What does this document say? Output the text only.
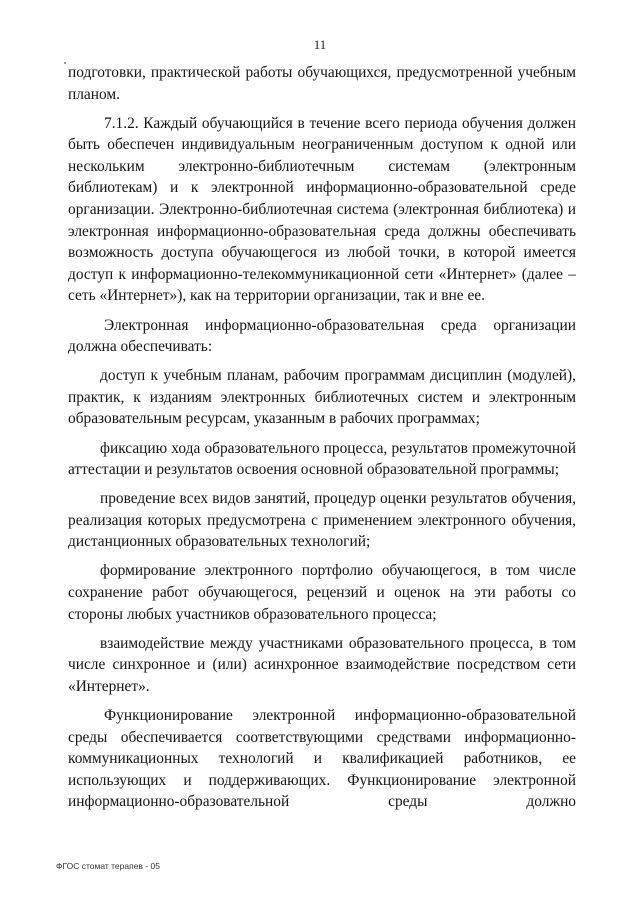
11

подготовки, практической работы обучающихся, предусмотренной учебным планом.

7.1.2. Каждый обучающийся в течение всего периода обучения должен быть обеспечен индивидуальным неограниченным доступом к одной или нескольким электронно-библиотечным системам (электронным библиотекам) и к электронной информационно-образовательной среде организации. Электронно-библиотечная система (электронная библиотека) и электронная информационно-образовательная среда должны обеспечивать возможность доступа обучающегося из любой точки, в которой имеется доступ к информационно-телекоммуникационной сети «Интернет» (далее – сеть «Интернет»), как на территории организации, так и вне ее.

Электронная информационно-образовательная среда организации должна обеспечивать:

доступ к учебным планам, рабочим программам дисциплин (модулей), практик, к изданиям электронных библиотечных систем и электронным образовательным ресурсам, указанным в рабочих программах;

фиксацию хода образовательного процесса, результатов промежуточной аттестации и результатов освоения основной образовательной программы;

проведение всех видов занятий, процедур оценки результатов обучения, реализация которых предусмотрена с применением электронного обучения, дистанционных образовательных технологий;

формирование электронного портфолио обучающегося, в том числе сохранение работ обучающегося, рецензий и оценок на эти работы со стороны любых участников образовательного процесса;

взаимодействие между участниками образовательного процесса, в том числе синхронное и (или) асинхронное взаимодействие посредством сети «Интернет».

Функционирование электронной информационно-образовательной среды обеспечивается соответствующими средствами информационно-коммуникационных технологий и квалификацией работников, ее использующих и поддерживающих. Функционирование электронной информационно-образовательной среды должно

ФГОС стомат терапев - 05
